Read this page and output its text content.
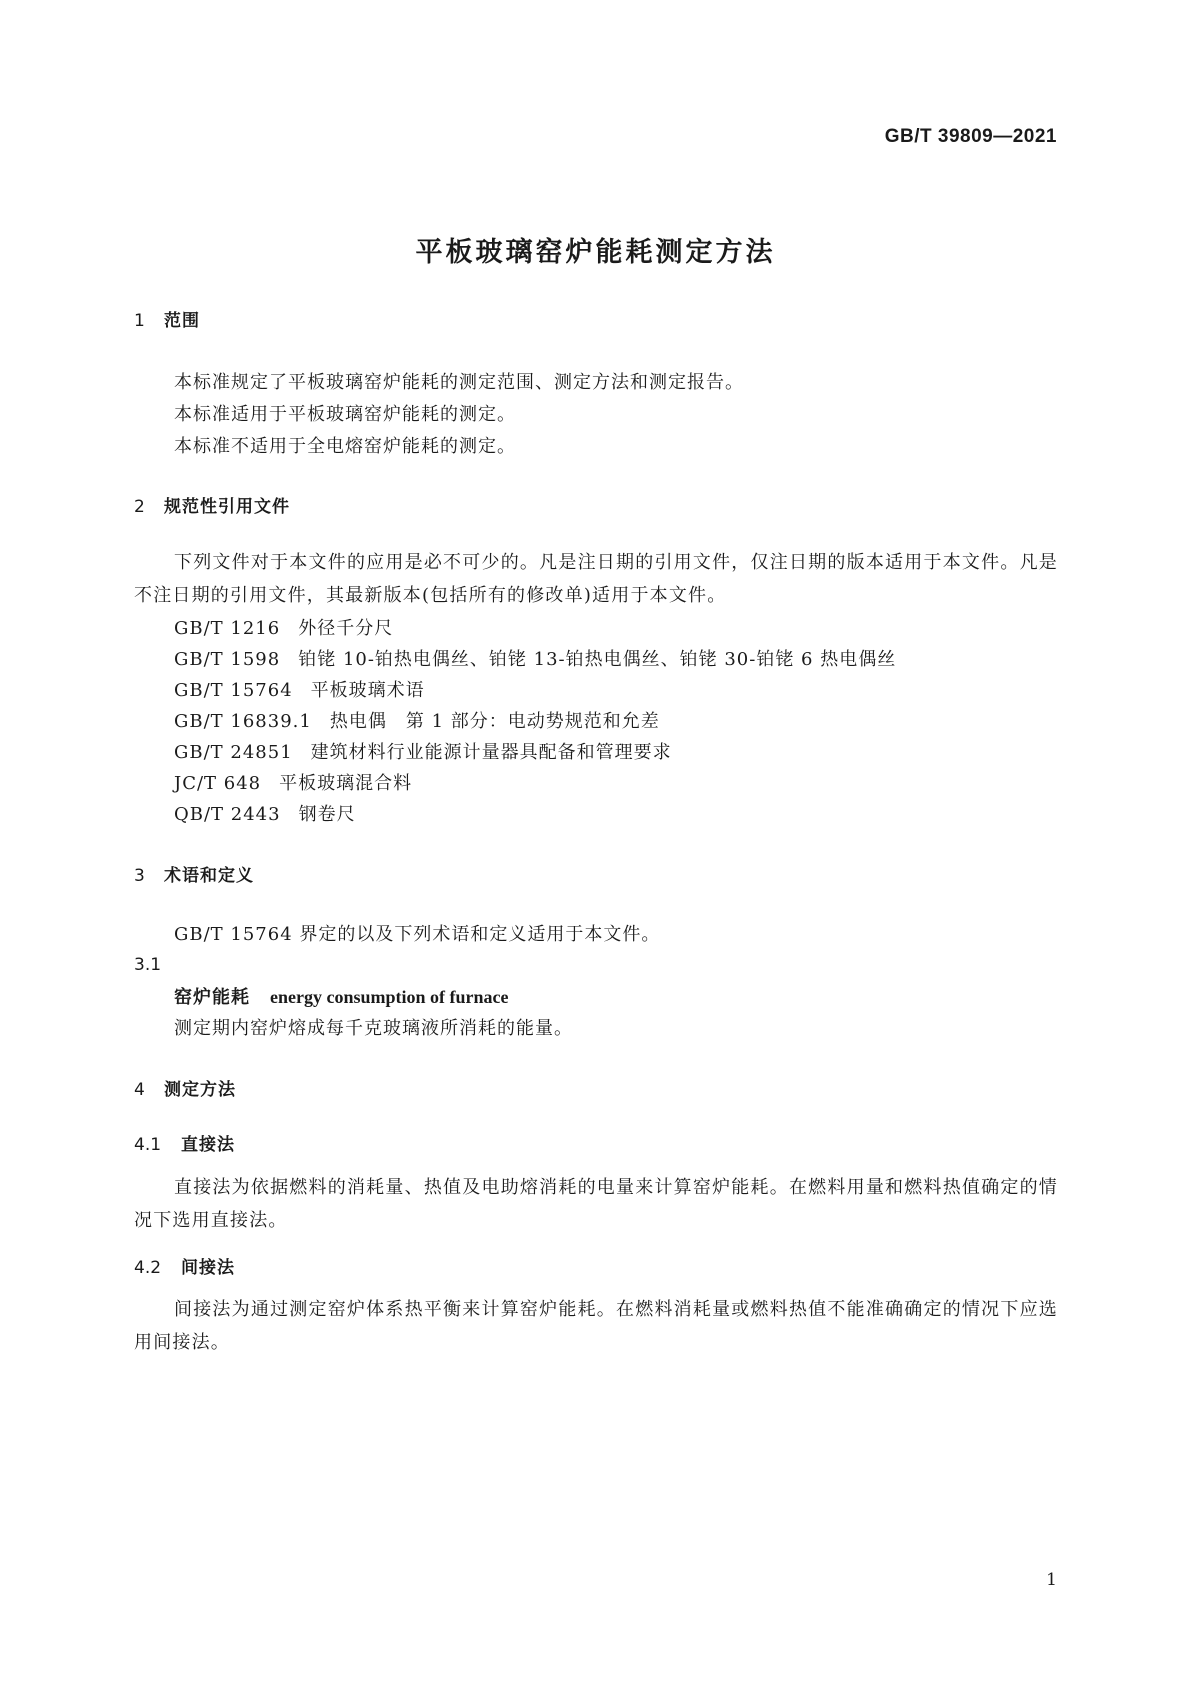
GB/T 39809—2021
平板玻璃窑炉能耗测定方法
1 范围
本标准规定了平板玻璃窑炉能耗的测定范围、测定方法和测定报告。
本标准适用于平板玻璃窑炉能耗的测定。
本标准不适用于全电熔窑炉能耗的测定。
2 规范性引用文件
下列文件对于本文件的应用是必不可少的。凡是注日期的引用文件，仅注日期的版本适用于本文件。凡是不注日期的引用文件，其最新版本(包括所有的修改单)适用于本文件。
GB/T 1216 外径千分尺
GB/T 1598 铂铑 10-铂热电偶丝、铂铑 13-铂热电偶丝、铂铑 30-铂铑 6 热电偶丝
GB/T 15764 平板玻璃术语
GB/T 16839.1 热电偶　第 1 部分：电动势规范和允差
GB/T 24851 建筑材料行业能源计量器具配备和管理要求
JC/T 648 平板玻璃混合料
QB/T 2443 钢卷尺
3 术语和定义
GB/T 15764 界定的以及下列术语和定义适用于本文件。
3.1
窑炉能耗 energy consumption of furnace
测定期内窑炉熔成每千克玻璃液所消耗的能量。
4 测定方法
4.1 直接法
直接法为依据燃料的消耗量、热值及电助熔消耗的电量来计算窑炉能耗。在燃料用量和燃料热值确定的情况下选用直接法。
4.2 间接法
间接法为通过测定窑炉体系热平衡来计算窑炉能耗。在燃料消耗量或燃料热值不能准确确定的情况下应选用间接法。
1
